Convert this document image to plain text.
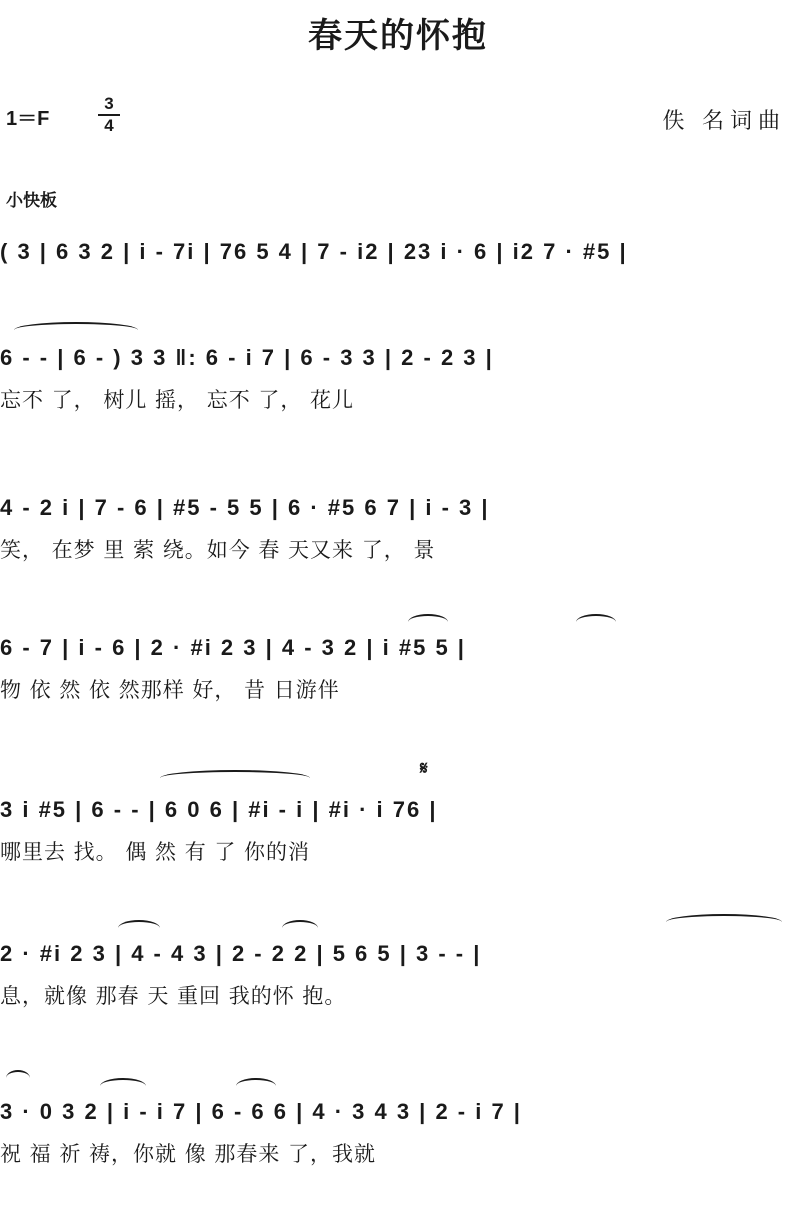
春天的怀抱
1＝F
3
4	佚 名词曲
小快板
( 3 | 6 3 2 | i - 7i | 76 5 4 | 7 - i2 | 23 i · 6 | i2 7 · #5 |
6 - - | 6 - ) 3 3 ‖: 6 - i 7 | 6 - 3 3 | 2 - 2 3 |
忘不 了， 树儿 摇， 忘不 了， 花儿
4 - 2 i | 7 - 6 | #5 - 5 5 | 6 · #5 6 7 | i - 3 |
笑， 在梦 里 萦 绕。如今 春 天又来 了， 景
6 - 7 | i - 6 | 2 · #i 2 3 | 4 - 3 2 | i #5 5 |
物 依 然 依 然那样 好， 昔 日游伴
𝄋
3 i #5 | 6 - - | 6 0 6 | #i - i | #i · i 76 |
哪里去 找。 偶 然 有 了 你的消
2 · #i 2 3 | 4 - 4 3 | 2 - 2 2 | 5 6 5 | 3 - - |
息，就像 那春 天 重回 我的怀 抱。
3 · 0 3 2 | i - i 7 | 6 - 6 6 | 4 · 3 4 3 | 2 - i 7 |
祝 福 祈 祷，你就 像 那春来 了，我就
